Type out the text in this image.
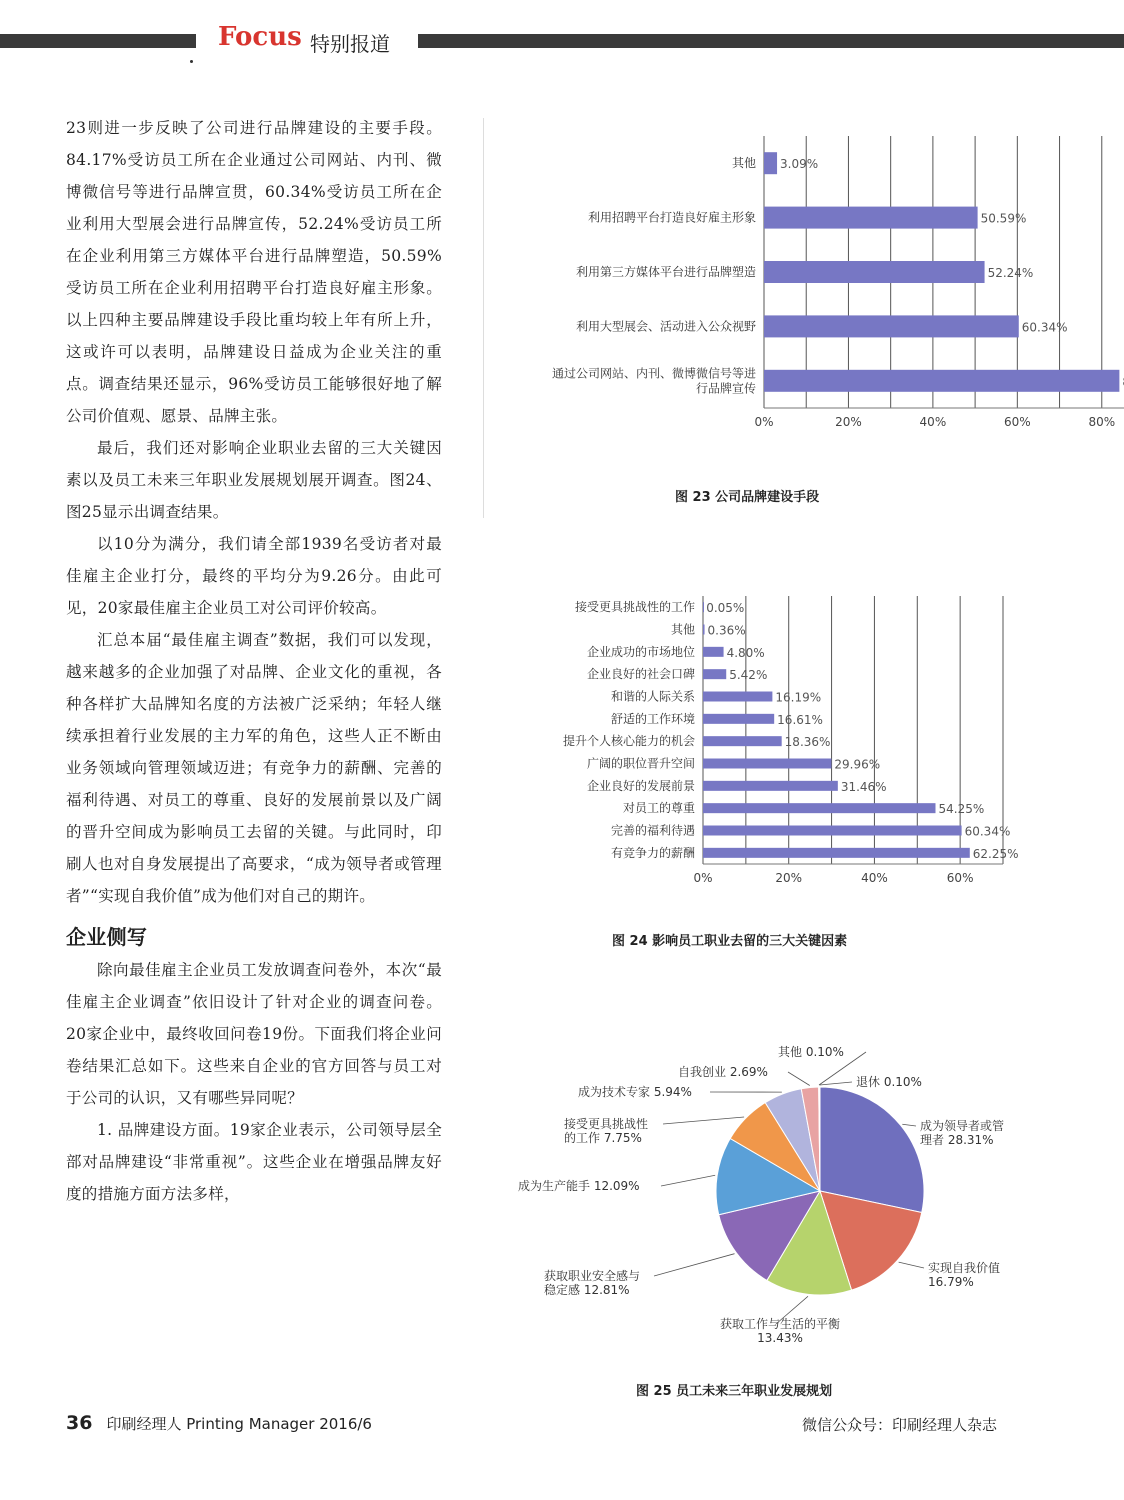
Focus 特别报道

23则进一步反映了公司进行品牌建设的主要手段。84.17%受访员工所在企业通过公司网站、内刊、微博微信号等进行品牌宣贯，60.34%受访员工所在企业利用大型展会进行品牌宣传，52.24%受访员工所在企业利用第三方媒体平台进行品牌塑造，50.59%受访员工所在企业利用招聘平台打造良好雇主形象。以上四种主要品牌建设手段比重均较上年有所上升，这或许可以表明，品牌建设日益成为企业关注的重点。调查结果还显示，96%受访员工能够很好地了解公司价值观、愿景、品牌主张。

最后，我们还对影响企业职业去留的三大关键因素以及员工未来三年职业发展规划展开调查。图24、图25显示出调查结果。

以10分为满分，我们请全部1939名受访者对最佳雇主企业打分，最终的平均分为9.26分。由此可见，20家最佳雇主企业员工对公司评价较高。

汇总本届“最佳雇主调查”数据，我们可以发现，越来越多的企业加强了对品牌、企业文化的重视，各种各样扩大品牌知名度的方法被广泛采纳；年轻人继续承担着行业发展的主力军的角色，这些人正不断由业务领域向管理领域迈进；有竞争力的薪酬、完善的福利待遇、对员工的尊重、良好的发展前景以及广阔的晋升空间成为影响员工去留的关键。与此同时，印刷人也对自身发展提出了高要求，“成为领导者或管理者”“实现自我价值”成为他们对自己的期许。

企业侧写

除向最佳雇主企业员工发放调查问卷外，本次“最佳雇主企业调查”依旧设计了针对企业的调查问卷。20家企业中，最终收回问卷19份。下面我们将企业问卷结果汇总如下。这些来自企业的官方回答与员工对于公司的认识，又有哪些异同呢？

1. 品牌建设方面。19家企业表示，公司领导层全部对品牌建设“非常重视”。这些企业在增强品牌友好度的措施方面方法多样，

其他 3.09%
利用招聘平台打造良好雇主形象	50.59%
利用第三方媒体平台进行品牌塑造	52.24%
利用大型展会、活动进入公众视野	60.34%
通过公司网站、内刊、微博微信号等进
行品牌宣传
0%	20%	40%	60%	80%
图 23 公司品牌建设手段
接受更具挑战性的工作 0.05%
其他 0.36%
企业成功的市场地位	4.80%
企业良好的社会口碑	5.42%
和谐的人际关系	16.19%
舒适的工作环境	16.61%
提升个人核心能力的机会	18.36%
广阔的职位晋升空间	29.96%
企业良好的发展前景	31.46%
对员工的尊重	54.25%
完善的福利待遇	60.34%
有竞争力的薪酬	62.25%
0%	20%	40%	60%
图 24 影响员工职业去留的三大关键因素
成为领导者或管
理者 28.31%
实现自我价值
16.79%
获取工作与生活的平衡
13.43%
获取职业安全感与
稳定感 12.81%
成为生产能手 12.09%
接受更具挑战性
的工作 7.75%
成为技术专家 5.94%
自我创业 2.69%
其他 0.10%
退休 0.10%
图 25 员工未来三年职业发展规划
36 印刷经理人 Printing Manager 2016/6	微信公众号：印刷经理人杂志
